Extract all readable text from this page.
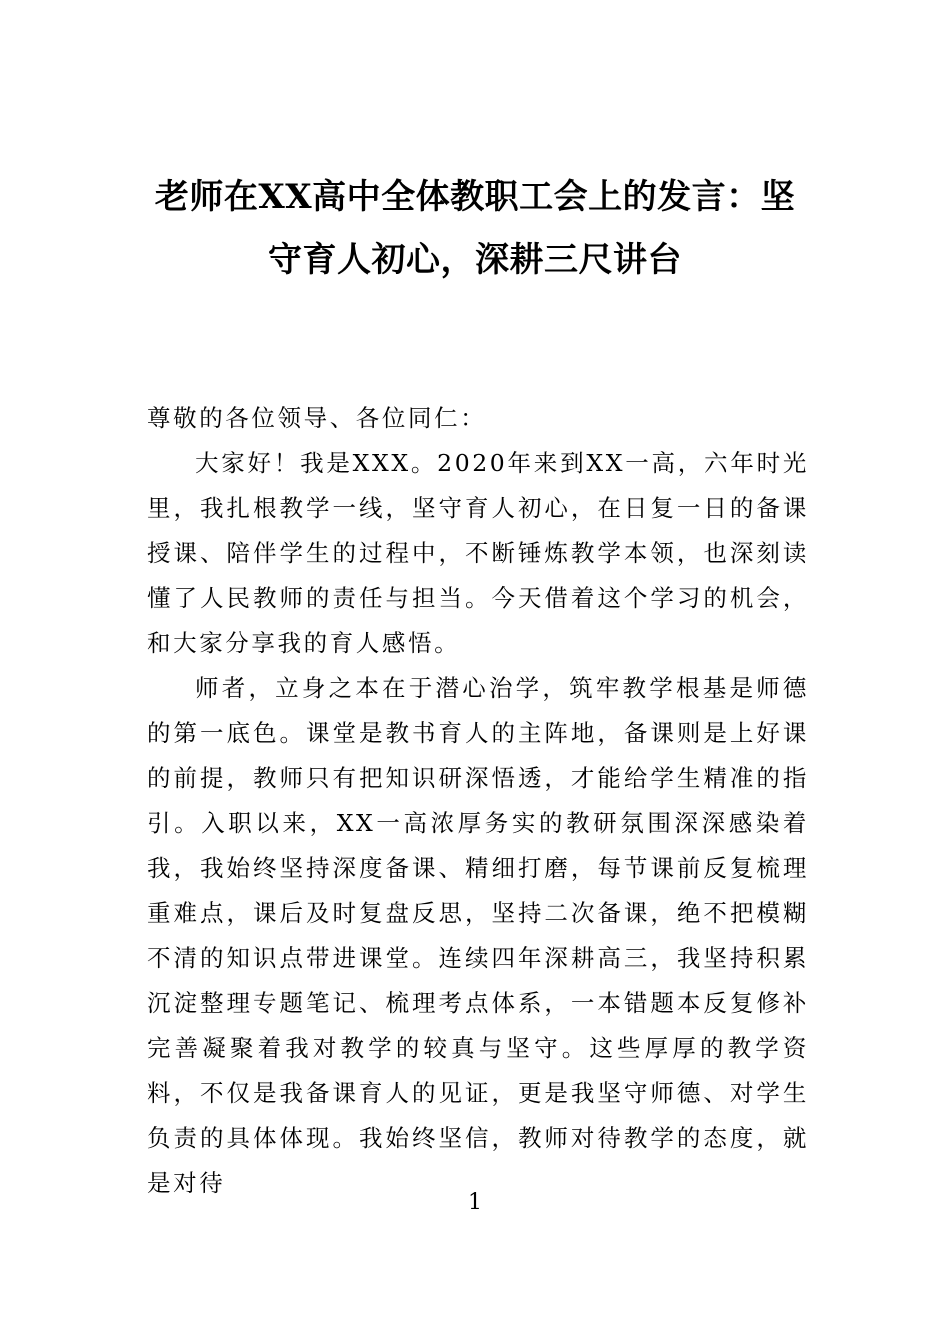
老师在XX高中全体教职工会上的发言：坚守育人初心，深耕三尺讲台

尊敬的各位领导、各位同仁：

大家好！我是XXX。2020年来到XX一高，六年时光里，我扎根教学一线，坚守育人初心，在日复一日的备课授课、陪伴学生的过程中，不断锤炼教学本领，也深刻读懂了人民教师的责任与担当。今天借着这个学习的机会，和大家分享我的育人感悟。

师者，立身之本在于潜心治学，筑牢教学根基是师德的第一底色。课堂是教书育人的主阵地，备课则是上好课的前提，教师只有把知识研深悟透，才能给学生精准的指引。入职以来，XX一高浓厚务实的教研氛围深深感染着我，我始终坚持深度备课、精细打磨，每节课前反复梳理重难点，课后及时复盘反思，坚持二次备课，绝不把模糊不清的知识点带进课堂。连续四年深耕高三，我坚持积累沉淀整理专题笔记、梳理考点体系，一本错题本反复修补完善凝聚着我对教学的较真与坚守。这些厚厚的教学资料，不仅是我备课育人的见证，更是我坚守师德、对学生负责的具体体现。我始终坚信，教师对待教学的态度，就是对待

1
